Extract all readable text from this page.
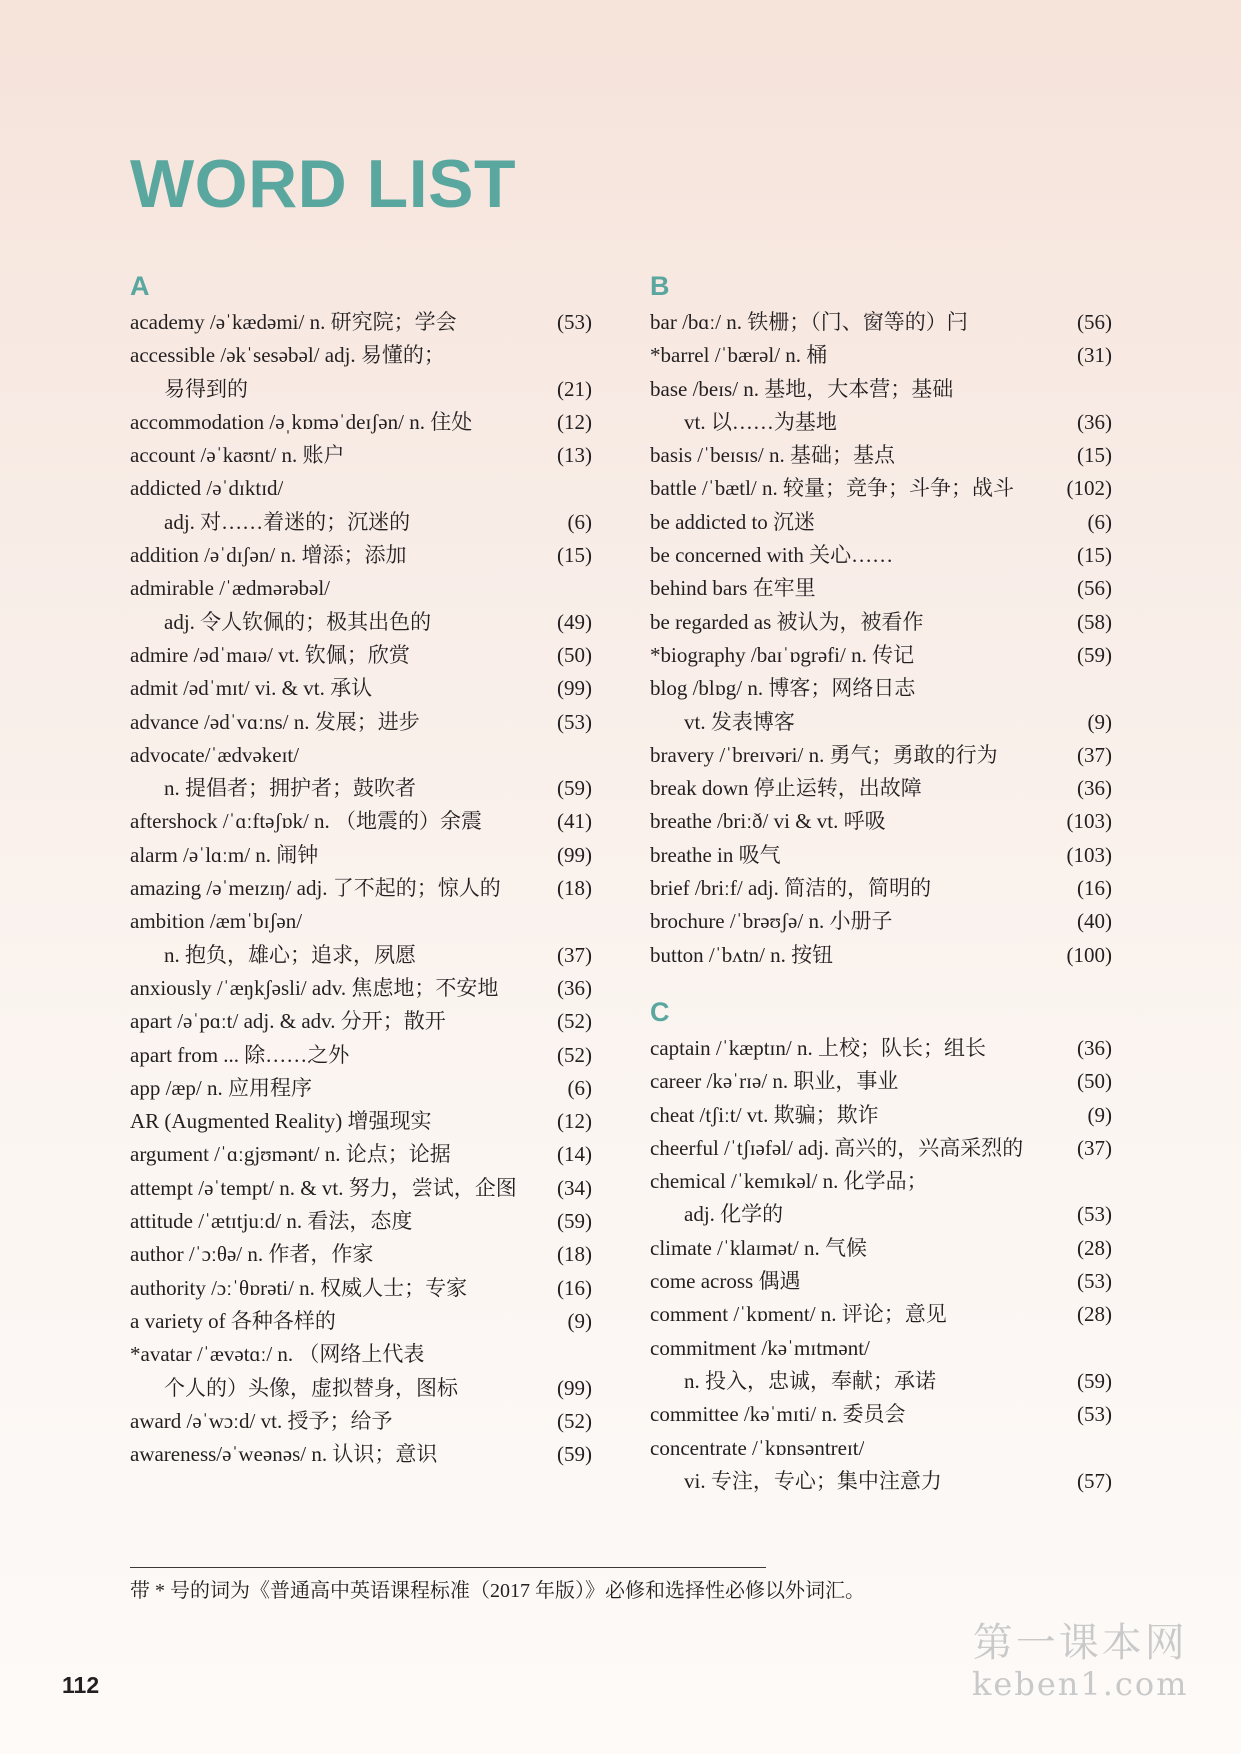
WORD LIST
A
academy /əˈkædəmi/ n. 研究院；学会	(53)
accessible /əkˈsesəbəl/ adj. 易懂的；
易得到的	(21)
accommodation /əˌkɒməˈdeɪʃən/ n. 住处	(12)
account /əˈkaʊnt/ n. 账户	(13)
addicted /əˈdɪktɪd/
adj. 对……着迷的；沉迷的	(6)
addition /əˈdɪʃən/ n. 增添；添加	(15)
admirable /ˈædmərəbəl/
adj. 令人钦佩的；极其出色的	(49)
admire /ədˈmaɪə/ vt. 钦佩；欣赏	(50)
admit /ədˈmɪt/ vi. & vt. 承认	(99)
advance /ədˈvɑːns/ n. 发展；进步	(53)
advocate/ˈædvəkeɪt/
n. 提倡者；拥护者；鼓吹者	(59)
aftershock /ˈɑːftəʃɒk/ n. （地震的）余震	(41)
alarm /əˈlɑːm/ n. 闹钟	(99)
amazing /əˈmeɪzɪŋ/ adj. 了不起的；惊人的	(18)
ambition /æmˈbɪʃən/
n. 抱负，雄心；追求，夙愿	(37)
anxiously /ˈæŋkʃəsli/ adv. 焦虑地；不安地	(36)
apart /əˈpɑːt/ adj. & adv. 分开；散开	(52)
apart from ... 除……之外	(52)
app /æp/ n. 应用程序	(6)
AR (Augmented Reality) 增强现实	(12)
argument /ˈɑːgjʊmənt/ n. 论点；论据	(14)
attempt /əˈtempt/ n. & vt. 努力，尝试，企图	(34)
attitude /ˈætɪtjuːd/ n. 看法，态度	(59)
author /ˈɔːθə/ n. 作者，作家	(18)
authority /ɔːˈθɒrəti/ n. 权威人士；专家	(16)
a variety of 各种各样的	(9)
*avatar /ˈævətɑː/ n. （网络上代表
个人的）头像，虚拟替身，图标	(99)
award /əˈwɔːd/ vt. 授予；给予	(52)
awareness/əˈweənəs/ n. 认识；意识	(59)
B
bar /bɑː/ n. 铁栅；（门、窗等的）闩	(56)
*barrel /ˈbærəl/ n. 桶	(31)
base /beɪs/ n. 基地，大本营；基础
vt. 以……为基地	(36)
basis /ˈbeɪsɪs/ n. 基础；基点	(15)
battle /ˈbætl/ n. 较量；竞争；斗争；战斗	(102)
be addicted to 沉迷	(6)
be concerned with 关心……	(15)
behind bars 在牢里	(56)
be regarded as 被认为，被看作	(58)
*biography /baɪˈɒgrəfi/ n. 传记	(59)
blog /blɒg/ n. 博客；网络日志
vt. 发表博客	(9)
bravery /ˈbreɪvəri/ n. 勇气；勇敢的行为	(37)
break down 停止运转，出故障	(36)
breathe /briːð/ vi & vt. 呼吸	(103)
breathe in 吸气	(103)
brief /briːf/ adj. 简洁的，简明的	(16)
brochure /ˈbrəʊʃə/ n. 小册子	(40)
button /ˈbʌtn/ n. 按钮	(100)
C
captain /ˈkæptɪn/ n. 上校；队长；组长	(36)
career /kəˈrɪə/ n. 职业，事业	(50)
cheat /tʃiːt/ vt. 欺骗；欺诈	(9)
cheerful /ˈtʃɪəfəl/ adj. 高兴的，兴高采烈的	(37)
chemical /ˈkemɪkəl/ n. 化学品；
adj. 化学的	(53)
climate /ˈklaɪmət/ n. 气候	(28)
come across 偶遇	(53)
comment /ˈkɒment/ n. 评论；意见	(28)
commitment /kəˈmɪtmənt/
n. 投入，忠诚，奉献；承诺	(59)
committee /kəˈmɪti/ n. 委员会	(53)
concentrate /ˈkɒnsəntreɪt/
vi. 专注，专心；集中注意力	(57)
带 * 号的词为《普通高中英语课程标准（2017 年版）》必修和选择性必修以外词汇。
112
第一课本网
keben1.com
